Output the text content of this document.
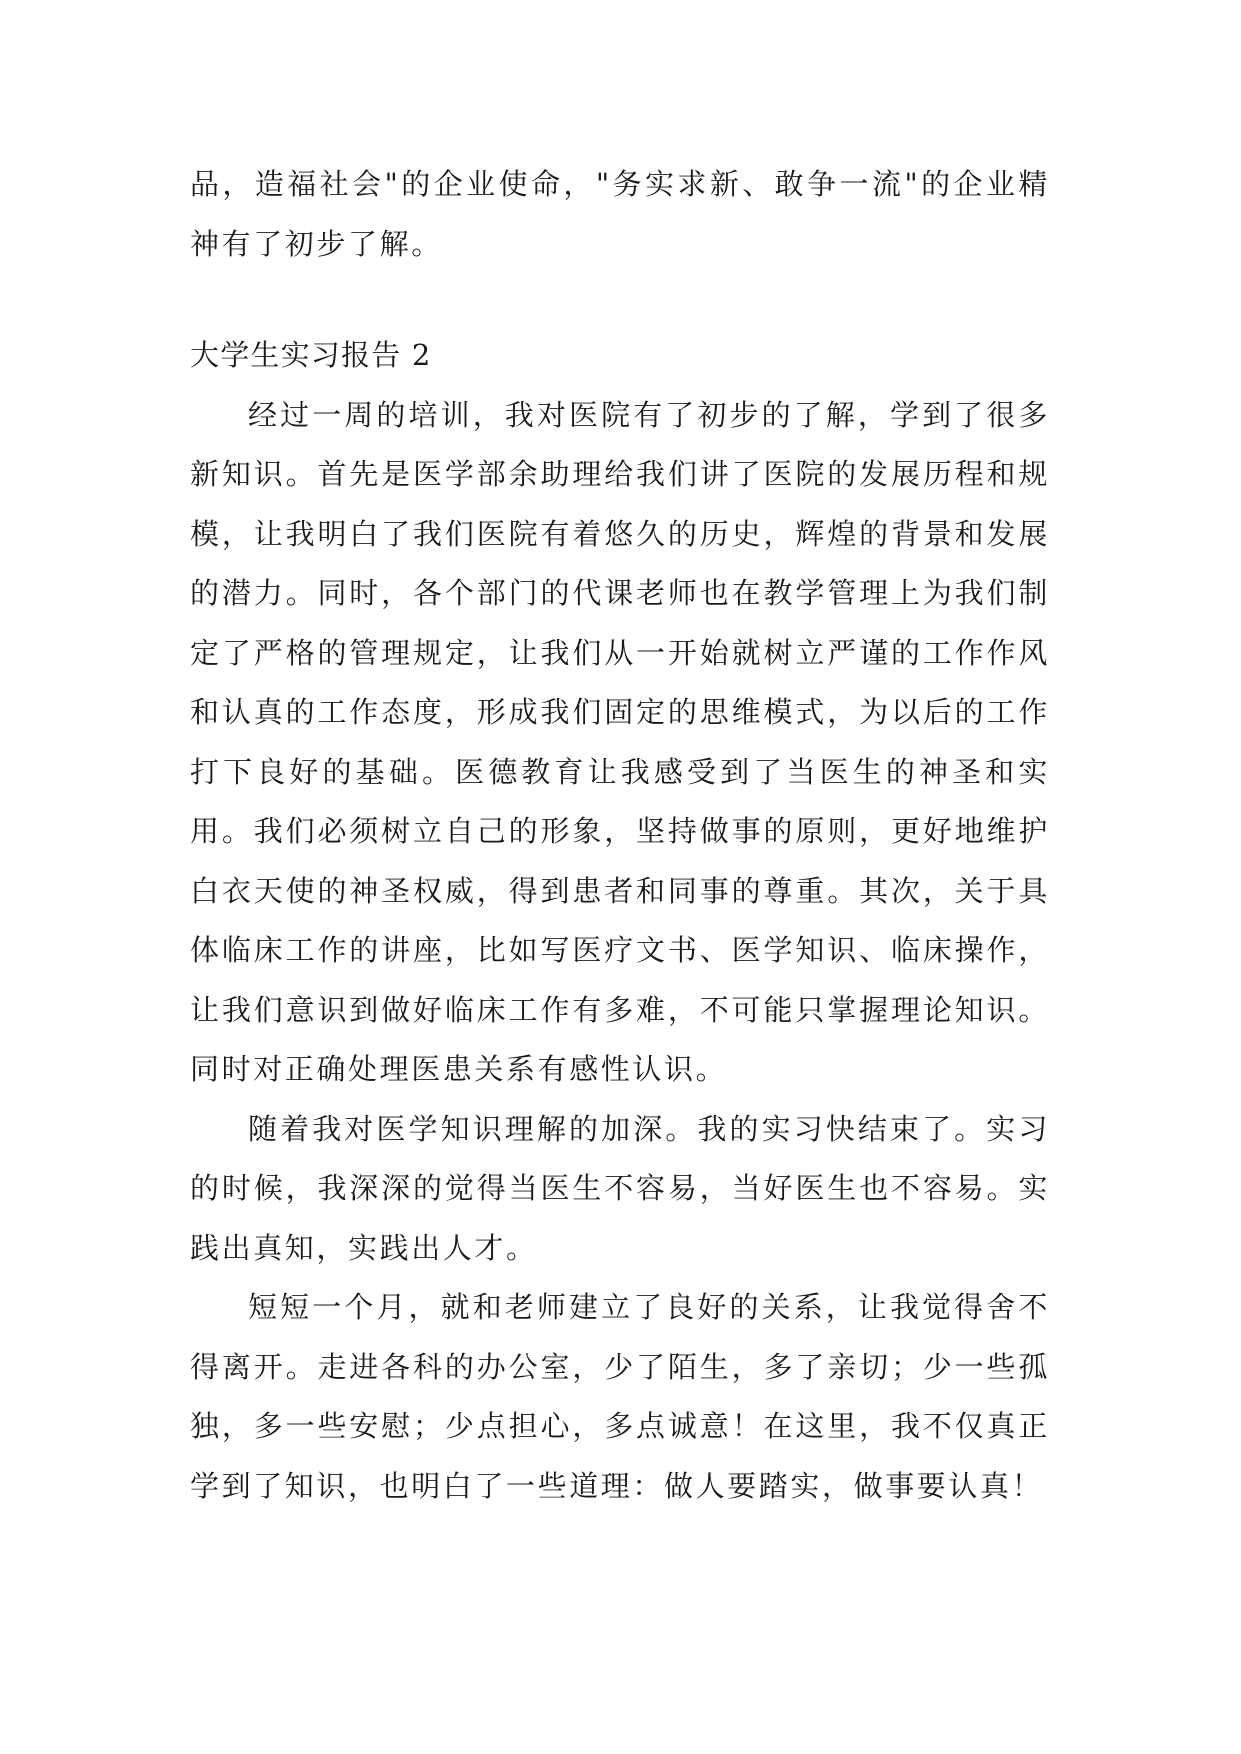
品，造福社会"的企业使命，"务实求新、敢争一流"的企业精神有了初步了解。

大学生实习报告 2

经过一周的培训，我对医院有了初步的了解，学到了很多新知识。首先是医学部余助理给我们讲了医院的发展历程和规模，让我明白了我们医院有着悠久的历史，辉煌的背景和发展的潜力。同时，各个部门的代课老师也在教学管理上为我们制定了严格的管理规定，让我们从一开始就树立严谨的工作作风和认真的工作态度，形成我们固定的思维模式，为以后的工作打下良好的基础。医德教育让我感受到了当医生的神圣和实用。我们必须树立自己的形象，坚持做事的原则，更好地维护白衣天使的神圣权威，得到患者和同事的尊重。其次，关于具体临床工作的讲座，比如写医疗文书、医学知识、临床操作，让我们意识到做好临床工作有多难，不可能只掌握理论知识。同时对正确处理医患关系有感性认识。

随着我对医学知识理解的加深。我的实习快结束了。实习的时候，我深深的觉得当医生不容易，当好医生也不容易。实践出真知，实践出人才。

短短一个月，就和老师建立了良好的关系，让我觉得舍不得离开。走进各科的办公室，少了陌生，多了亲切；少一些孤独，多一些安慰；少点担心，多点诚意！在这里，我不仅真正学到了知识，也明白了一些道理：做人要踏实，做事要认真！
